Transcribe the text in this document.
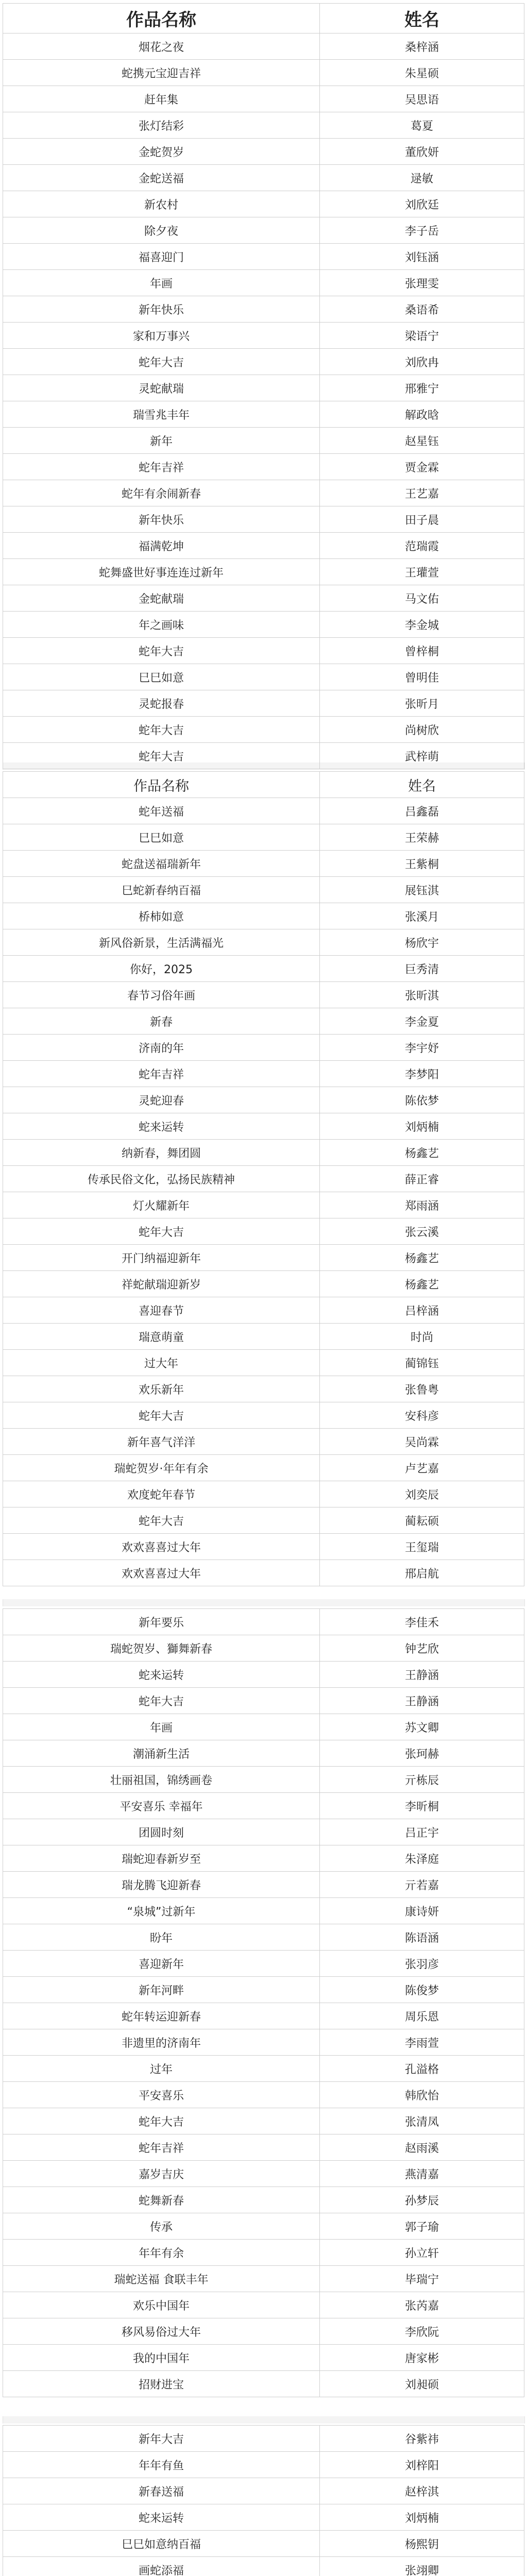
作品名称	姓名
烟花之夜	桑梓涵
蛇携元宝迎吉祥	朱星硕
赶年集	吴思语
张灯结彩	葛夏
金蛇贺岁	董欣妍
金蛇送福	逯敏
新农村	刘欣廷
除夕夜	李子岳
福喜迎门	刘钰涵
年画	张理雯
新年快乐	桑语希
家和万事兴	梁语宁
蛇年大吉	刘欣冉
灵蛇献瑞	邢雅宁
瑞雪兆丰年	解政晗
新年	赵星钰
蛇年吉祥	贾金霖
蛇年有余闹新春	王艺嘉
新年快乐	田子晨
福满乾坤	范瑞霞
蛇舞盛世好事连连过新年	王瓘萱
金蛇献瑞	马文佑
年之画味	李金城
蛇年大吉	曾梓桐
巳巳如意	曾明佳
灵蛇报春	张昕月
蛇年大吉	尚树欣
蛇年大吉	武梓萌
作品名称	姓名
蛇年送福	吕鑫磊
巳巳如意	王荣赫
蛇盘送福瑞新年	王紫桐
巳蛇新春纳百福	展钰淇
桥柿如意	张溪月
新风俗新景，生活满福光	杨欣宇
你好，2025	巨秀清
春节习俗年画	张昕淇
新春	李金夏
济南的年	李宇妤
蛇年吉祥	李梦阳
灵蛇迎春	陈依梦
蛇来运转	刘炳楠
纳新春，舞团圆	杨鑫艺
传承民俗文化，弘扬民族精神	薛正睿
灯火耀新年	郑雨涵
蛇年大吉	张云溪
开门纳福迎新年	杨鑫艺
祥蛇献瑞迎新岁	杨鑫艺
喜迎春节	吕梓涵
瑞意萌童	时尚
过大年	蔺锦钰
欢乐新年	张鲁粤
蛇年大吉	安科彦
新年喜气洋洋	吴尚霖
瑞蛇贺岁·年年有余	卢艺嘉
欢度蛇年春节	刘奕辰
蛇年大吉	蔺耘硕
欢欢喜喜过大年	王玺瑞
欢欢喜喜过大年	邢启航
新年要乐	李佳禾
瑞蛇贺岁、獅舞新春	钟艺欣
蛇来运转	王静涵
蛇年大吉	王静涵
年画	苏文卿
潮涌新生活	张珂赫
壮丽祖国，锦绣画卷	亓栋辰
平安喜乐 幸福年	李昕桐
团圆时刻	吕正宇
瑞蛇迎春新岁至	朱泽庭
瑞龙腾飞迎新春	亓若嘉
“泉城”过新年	康诗妍
盼年	陈语涵
喜迎新年	张羽彦
新年河畔	陈俊梦
蛇年转运迎新春	周乐恩
非遗里的济南年	李雨萱
过年	孔溢格
平安喜乐	韩欣怡
蛇年大吉	张清凤
蛇年吉祥	赵雨溪
嘉岁吉庆	燕清嘉
蛇舞新春	孙梦辰
传承	郭子瑜
年年有余	孙立轩
瑞蛇送福 食联丰年	毕瑞宁
欢乐中国年	张芮嘉
移风易俗过大年	李欣阮
我的中国年	唐家彬
招财进宝	刘昶硕
新年大吉	谷紫祎
年年有鱼	刘梓阳
新春送福	赵梓淇
蛇来运转	刘炳楠
巳巳如意纳百福	杨熙钥
画蛇添福	张翊卿
